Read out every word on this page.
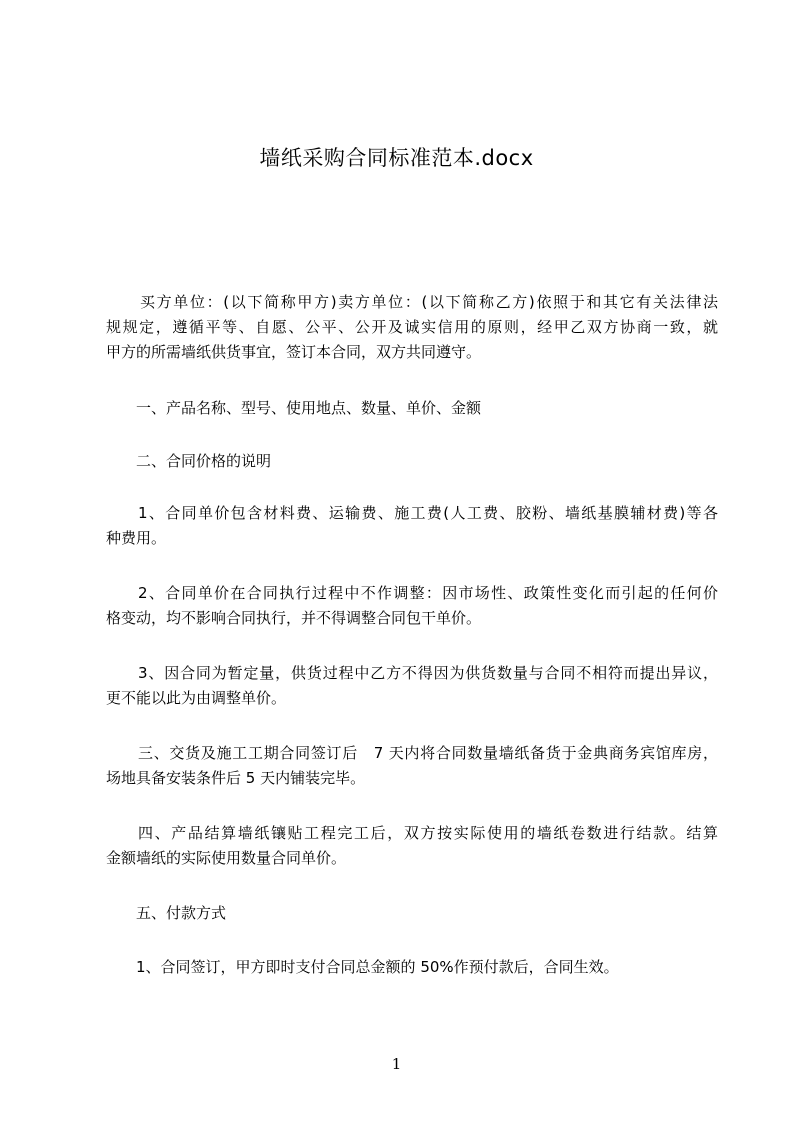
墙纸采购合同标准范本.docx
买方单位：(以下简称甲方)卖方单位：(以下简称乙方)依照于和其它有关法律法
规规定，遵循平等、自愿、公平、公开及诚实信用的原则，经甲乙双方协商一致，就
甲方的所需墙纸供货事宜，签订本合同，双方共同遵守。
一、产品名称、型号、使用地点、数量、单价、金额
二、合同价格的说明
1、合同单价包含材料费、运输费、施工费(人工费、胶粉、墙纸基膜辅材费)等各
种费用。
2、合同单价在合同执行过程中不作调整：因市场性、政策性变化而引起的任何价
格变动，均不影响合同执行，并不得调整合同包干单价。
3、因合同为暂定量，供货过程中乙方不得因为供货数量与合同不相符而提出异议，
更不能以此为由调整单价。
三、交货及施工工期合同签订后　7 天内将合同数量墙纸备货于金典商务宾馆库房，
场地具备安装条件后 5 天内铺装完毕。
四、产品结算墙纸镶贴工程完工后，双方按实际使用的墙纸卷数进行结款。结算
金额墙纸的实际使用数量合同单价。
五、付款方式
1、合同签订，甲方即时支付合同总金额的 50%作预付款后，合同生效。
1
